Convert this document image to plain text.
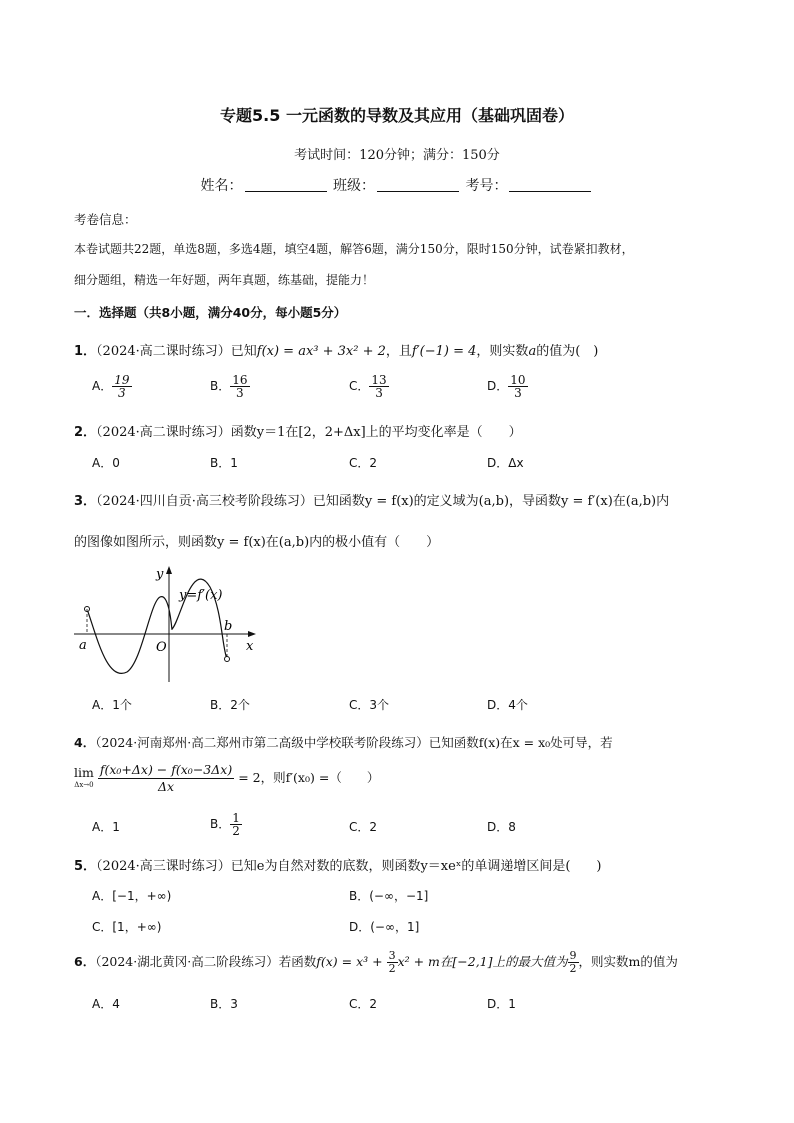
专题5.5 一元函数的导数及其应用（基础巩固卷）
考试时间：120分钟；满分：150分
姓名：	班级：	考号：
考卷信息：
本卷试题共22题，单选8题，多选4题，填空4题，解答6题，满分150分，限时150分钟，试卷紧扣教材，
细分题组，精选一年好题，两年真题，练基础，提能力！
一．选择题（共8小题，满分40分，每小题5分）
1．（2024·高二课时练习）已知f(x) = ax³ + 3x² + 2，且f′(−1) = 4，则实数a的值为(　)
A． $\frac{19}{3}$	B． $\frac{16}{3}$	C． $\frac{13}{3}$	D． $\frac{10}{3}$
2．（2024·高二课时练习）函数y＝1在[2，2+Δx]上的平均变化率是（　　）
A．0	B．1	C．2	D．Δx
3．（2024·四川自贡·高三校考阶段练习）已知函数y = f(x)的定义域为(a,b)，导函数y = f′(x)在(a,b)内
的图像如图所示，则函数y = f(x)在(a,b)内的极小值有（　　）
y
x
O
a
b
y=f′(x)
A．1个	B．2个	C．3个	D．4个
4．（2024·河南郑州·高二郑州市第二高级中学校联考阶段练习）已知函数f(x)在x = x₀处可导，若
lim
Δx→0
$\frac{\text{f(x₀+Δx) − f(x₀−3Δx)}}{\Delta x} = 2$，则f′(x₀) =（　　）
A．1	B． $\frac{1}{2}$	C．2	D．8
5．（2024·高三课时练习）已知e为自然对数的底数，则函数y＝xeˣ的单调递增区间是(　　)
A．[−1，+∞)	B．(−∞，−1]
C．[1，+∞)	D．(−∞，1]
6．（2024·湖北黄冈·高二阶段练习）若函数$f(x) = x^3 + \frac{3}{2} x^2 + m$在[−2,1]上的最大值为 $\frac{9}{2}$ ，则实数m的值为
A．4	B．3	C．2	D．1
